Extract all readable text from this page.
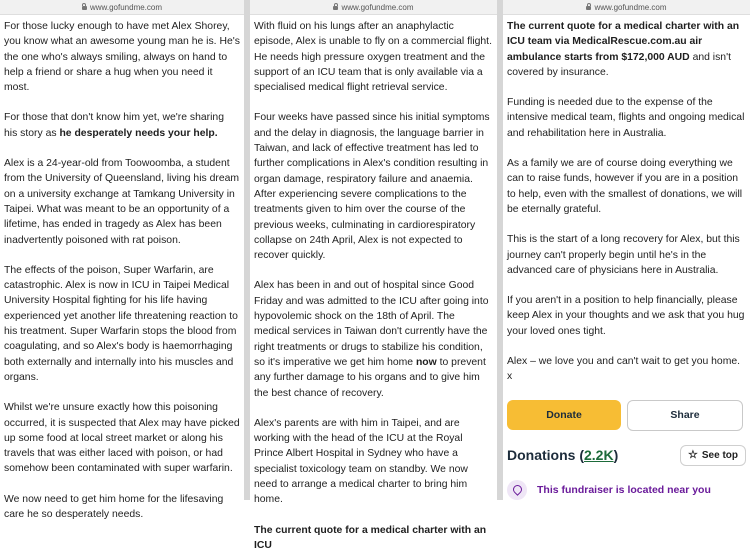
www.gofundme.com

For those lucky enough to have met Alex Shorey, you know what an awesome young man he is. He's the one who's always smiling, always on hand to help a friend or share a hug when you need it most.

For those that don't know him yet, we're sharing his story as he desperately needs your help.

Alex is a 24-year-old from Toowoomba, a student from the University of Queensland, living his dream on a university exchange at Tamkang University in Taipei. What was meant to be an opportunity of a lifetime, has ended in tragedy as Alex has been inadvertently poisoned with rat poison.

The effects of the poison, Super Warfarin, are catastrophic. Alex is now in ICU in Taipei Medical University Hospital fighting for his life having experienced yet another life threatening reaction to his treatment. Super Warfarin stops the blood from coagulating, and so Alex's body is haemorrhaging both externally and internally into his muscles and organs.

Whilst we're unsure exactly how this poisoning occurred, it is suspected that Alex may have picked up some food at local street market or along his travels that was either laced with poison, or had somehow been contaminated with super warfarin.

We now need to get him home for the lifesaving care he so desperately needs.

www.gofundme.com

With fluid on his lungs after an anaphylactic episode, Alex is unable to fly on a commercial flight. He needs high pressure oxygen treatment and the support of an ICU team that is only available via a specialised medical flight retrieval service.

Four weeks have passed since his initial symptoms and the delay in diagnosis, the language barrier in Taiwan, and lack of effective treatment has led to further complications in Alex's condition resulting in organ damage, respiratory failure and anaemia. After experiencing severe complications to the treatments given to him over the course of the previous weeks, culminating in cardiorespiratory collapse on 24th April, Alex is not expected to recover quickly.

Alex has been in and out of hospital since Good Friday and was admitted to the ICU after going into hypovolemic shock on the 18th of April. The medical services in Taiwan don't currently have the right treatments or drugs to stabilize his condition, so it's imperative we get him home now to prevent any further damage to his organs and to give him the best chance of recovery.

Alex's parents are with him in Taipei, and are working with the head of the ICU at the Royal Prince Albert Hospital in Sydney who have a specialist toxicology team on standby. We now need to arrange a medical charter to bring him home.

The current quote for a medical charter with an ICU

www.gofundme.com

The current quote for a medical charter with an ICU team via MedicalRescue.com.au air ambulance starts from $172,000 AUD and isn't covered by insurance.

Funding is needed due to the expense of the intensive medical team, flights and ongoing medical and rehabilitation here in Australia.

As a family we are of course doing everything we can to raise funds, however if you are in a position to help, even with the smallest of donations, we will be eternally grateful.

This is the start of a long recovery for Alex, but this journey can't properly begin until he's in the advanced care of physicians here in Australia.

If you aren't in a position to help financially, please keep Alex in your thoughts and we ask that you hug your loved ones tight.

Alex – we love you and can't wait to get you home. x

Donate	Share
Donations (2.2K)	☆ See top
This fundraiser is located near you
